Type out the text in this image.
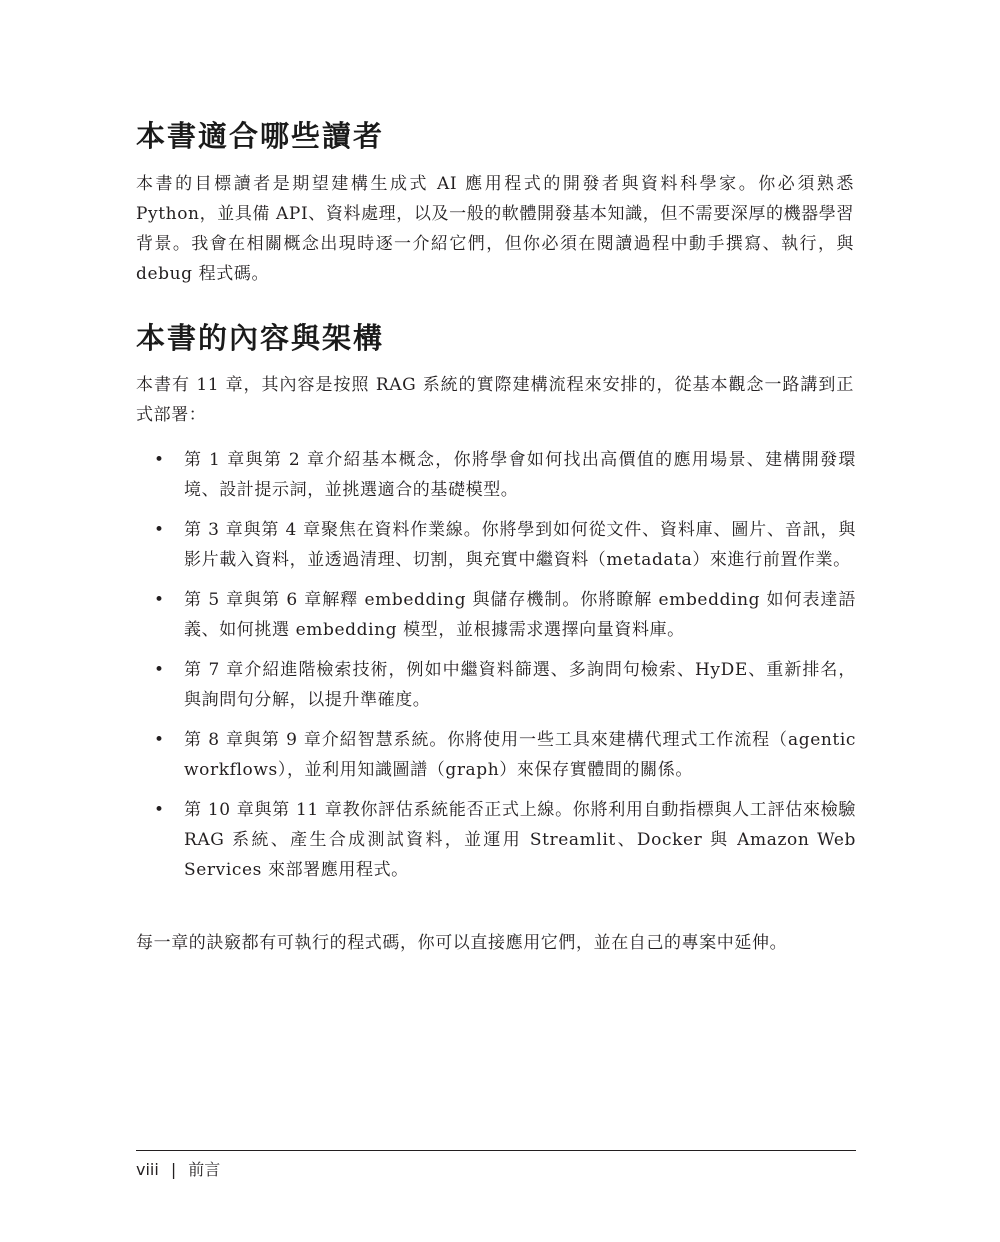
本書適合哪些讀者

本書的目標讀者是期望建構生成式 AI 應用程式的開發者與資料科學家。你必須熟悉 Python，並具備 API、資料處理，以及一般的軟體開發基本知識，但不需要深厚的機器學習背景。我會在相關概念出現時逐一介紹它們，但你必須在閱讀過程中動手撰寫、執行，與 debug 程式碼。

本書的內容與架構

本書有 11 章，其內容是按照 RAG 系統的實際建構流程來安排的，從基本觀念一路講到正式部署：

• 第 1 章與第 2 章介紹基本概念，你將學會如何找出高價值的應用場景、建構開發環境、設計提示詞，並挑選適合的基礎模型。
• 第 3 章與第 4 章聚焦在資料作業線。你將學到如何從文件、資料庫、圖片、音訊，與影片載入資料，並透過清理、切割，與充實中繼資料（metadata）來進行前置作業。
• 第 5 章與第 6 章解釋 embedding 與儲存機制。你將瞭解 embedding 如何表達語義、如何挑選 embedding 模型，並根據需求選擇向量資料庫。
• 第 7 章介紹進階檢索技術，例如中繼資料篩選、多詢問句檢索、HyDE、重新排名，與詢問句分解，以提升準確度。
• 第 8 章與第 9 章介紹智慧系統。你將使用一些工具來建構代理式工作流程（agentic workflows），並利用知識圖譜（graph）來保存實體間的關係。
• 第 10 章與第 11 章教你評估系統能否正式上線。你將利用自動指標與人工評估來檢驗 RAG 系統、產生合成測試資料，並運用 Streamlit、Docker 與 Amazon Web Services 來部署應用程式。

每一章的訣竅都有可執行的程式碼，你可以直接應用它們，並在自己的專案中延伸。

viii | 前言
